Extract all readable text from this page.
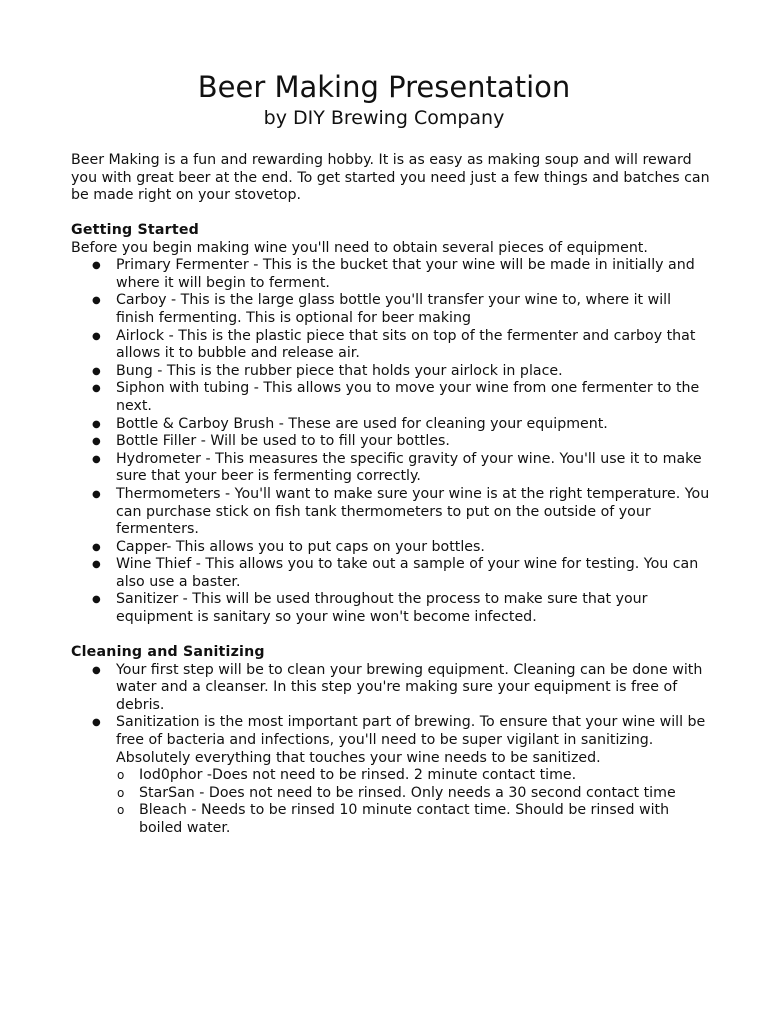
Beer Making Presentation
by DIY Brewing Company

Beer Making is a fun and rewarding hobby. It is as easy as making soup and will reward you with great beer at the end. To get started you need just a few things and batches can be made right on your stovetop.

Getting Started

Before you begin making wine you'll need to obtain several pieces of equipment.

● Primary Fermenter - This is the bucket that your wine will be made in initially and where it will begin to ferment.
● Carboy - This is the large glass bottle you'll transfer your wine to, where it will finish fermenting. This is optional for beer making
● Airlock - This is the plastic piece that sits on top of the fermenter and carboy that allows it to bubble and release air.
● Bung - This is the rubber piece that holds your airlock in place.
● Siphon with tubing - This allows you to move your wine from one fermenter to the next.
● Bottle & Carboy Brush - These are used for cleaning your equipment.
● Bottle Filler - Will be used to to fill your bottles.
● Hydrometer - This measures the specific gravity of your wine. You'll use it to make sure that your beer is fermenting correctly.
● Thermometers - You'll want to make sure your wine is at the right temperature. You can purchase stick on fish tank thermometers to put on the outside of your fermenters.
● Capper- This allows you to put caps on your bottles.
● Wine Thief - This allows you to take out a sample of your wine for testing. You can also use a baster.
● Sanitizer - This will be used throughout the process to make sure that your equipment is sanitary so your wine won't become infected.
Cleaning and Sanitizing
● Your first step will be to clean your brewing equipment. Cleaning can be done with water and a cleanser. In this step you're making sure your equipment is free of debris.
● Sanitization is the most important part of brewing. To ensure that your wine will be free of bacteria and infections, you'll need to be super vigilant in sanitizing. Absolutely everything that touches your wine needs to be sanitized.
o Iod0phor -Does not need to be rinsed. 2 minute contact time.
o StarSan - Does not need to be rinsed. Only needs a 30 second contact time
o Bleach - Needs to be rinsed 10 minute contact time. Should be rinsed with boiled water.
